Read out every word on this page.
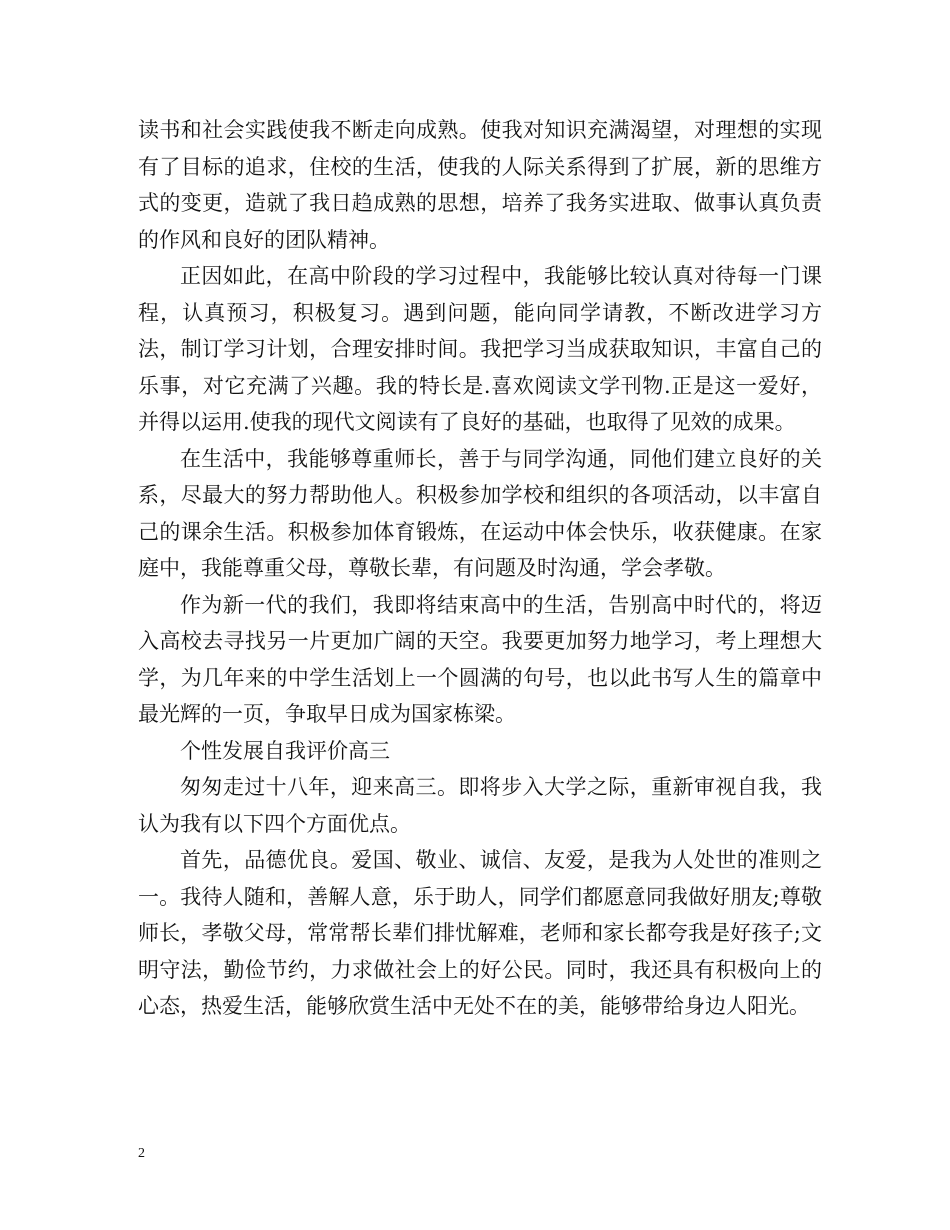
读书和社会实践使我不断走向成熟。使我对知识充满渴望，对理想的实现有了目标的追求，住校的生活，使我的人际关系得到了扩展，新的思维方式的变更，造就了我日趋成熟的思想，培养了我务实进取、做事认真负责的作风和良好的团队精神。

正因如此，在高中阶段的学习过程中，我能够比较认真对待每一门课程，认真预习，积极复习。遇到问题，能向同学请教，不断改进学习方法，制订学习计划，合理安排时间。我把学习当成获取知识，丰富自己的乐事，对它充满了兴趣。我的特长是.喜欢阅读文学刊物.正是这一爱好，并得以运用.使我的现代文阅读有了良好的基础，也取得了见效的成果。

在生活中，我能够尊重师长，善于与同学沟通，同他们建立良好的关系，尽最大的努力帮助他人。积极参加学校和组织的各项活动，以丰富自己的课余生活。积极参加体育锻炼，在运动中体会快乐，收获健康。在家庭中，我能尊重父母，尊敬长辈，有问题及时沟通，学会孝敬。

作为新一代的我们，我即将结束高中的生活，告别高中时代的，将迈入高校去寻找另一片更加广阔的天空。我要更加努力地学习，考上理想大学，为几年来的中学生活划上一个圆满的句号，也以此书写人生的篇章中最光辉的一页，争取早日成为国家栋梁。

个性发展自我评价高三

匆匆走过十八年，迎来高三。即将步入大学之际，重新审视自我，我认为我有以下四个方面优点。

首先，品德优良。爱国、敬业、诚信、友爱，是我为人处世的准则之一。我待人随和，善解人意，乐于助人，同学们都愿意同我做好朋友;尊敬师长，孝敬父母，常常帮长辈们排忧解难，老师和家长都夸我是好孩子;文明守法，勤俭节约，力求做社会上的好公民。同时，我还具有积极向上的心态，热爱生活，能够欣赏生活中无处不在的美，能够带给身边人阳光。

2
